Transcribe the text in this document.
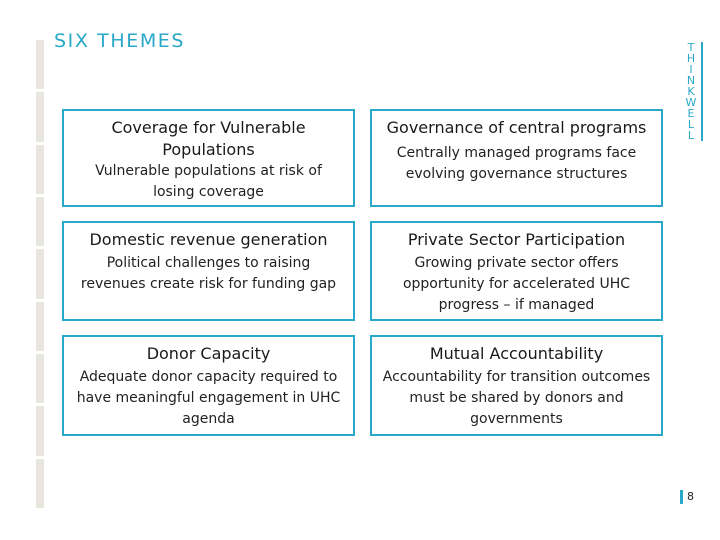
SIX THEMES	T
H
I
N
K
W
E
L
L
Coverage for Vulnerable Populations

Vulnerable populations at risk of losing coverage

Governance of central programs

Centrally managed programs face evolving governance structures

Domestic revenue generation

Political challenges to raising revenues create risk for funding gap

Private Sector Participation

Growing private sector offers opportunity for accelerated UHC progress – if managed

Donor Capacity

Adequate donor capacity required to have meaningful engagement in UHC agenda

Mutual Accountability

Accountability for transition outcomes must be shared by donors and governments

8
